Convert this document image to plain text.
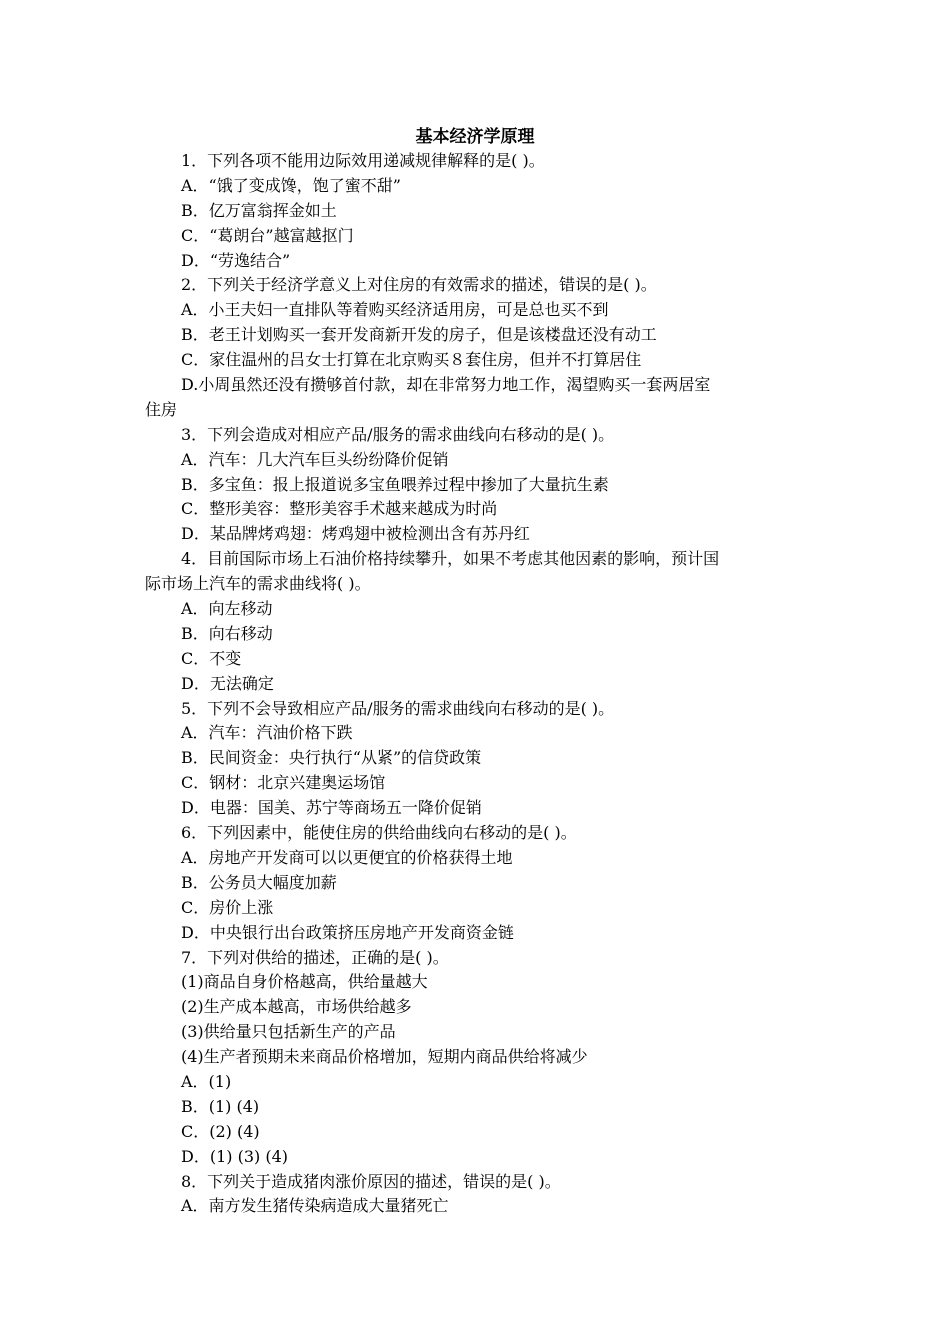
基本经济学原理
1．下列各项不能用边际效用递减规律解释的是( )。
A．“饿了变成馋，饱了蜜不甜”
B．亿万富翁挥金如土
C．“葛朗台”越富越抠门
D．“劳逸结合”
2．下列关于经济学意义上对住房的有效需求的描述，错误的是( )。
A．小王夫妇一直排队等着购买经济适用房，可是总也买不到
B．老王计划购买一套开发商新开发的房子，但是该楼盘还没有动工
C．家住温州的吕女士打算在北京购买８套住房，但并不打算居住
D.小周虽然还没有攒够首付款，却在非常努力地工作，渴望购买一套两居室
住房
3．下列会造成对相应产品/服务的需求曲线向右移动的是( )。
A．汽车：几大汽车巨头纷纷降价促销
B．多宝鱼：报上报道说多宝鱼喂养过程中掺加了大量抗生素
C．整形美容：整形美容手术越来越成为时尚
D．某品牌烤鸡翅：烤鸡翅中被检测出含有苏丹红
4．目前国际市场上石油价格持续攀升，如果不考虑其他因素的影响，预计国
际市场上汽车的需求曲线将( )。
A．向左移动
B．向右移动
C．不变
D．无法确定
5．下列不会导致相应产品/服务的需求曲线向右移动的是( )。
A．汽车：汽油价格下跌
B．民间资金：央行执行“从紧”的信贷政策
C．钢材：北京兴建奥运场馆
D．电器：国美、苏宁等商场五一降价促销
6．下列因素中，能使住房的供给曲线向右移动的是( )。
A．房地产开发商可以以更便宜的价格获得土地
B．公务员大幅度加薪
C．房价上涨
D．中央银行出台政策挤压房地产开发商资金链
7．下列对供给的描述，正确的是( )。
(1)商品自身价格越高，供给量越大
(2)生产成本越高，市场供给越多
(3)供给量只包括新生产的产品
(4)生产者预期未来商品价格增加，短期内商品供给将减少
A．(1)
B．(1) (4)
C．(2) (4)
D．(1) (3) (4)
8．下列关于造成猪肉涨价原因的描述，错误的是( )。
A．南方发生猪传染病造成大量猪死亡
